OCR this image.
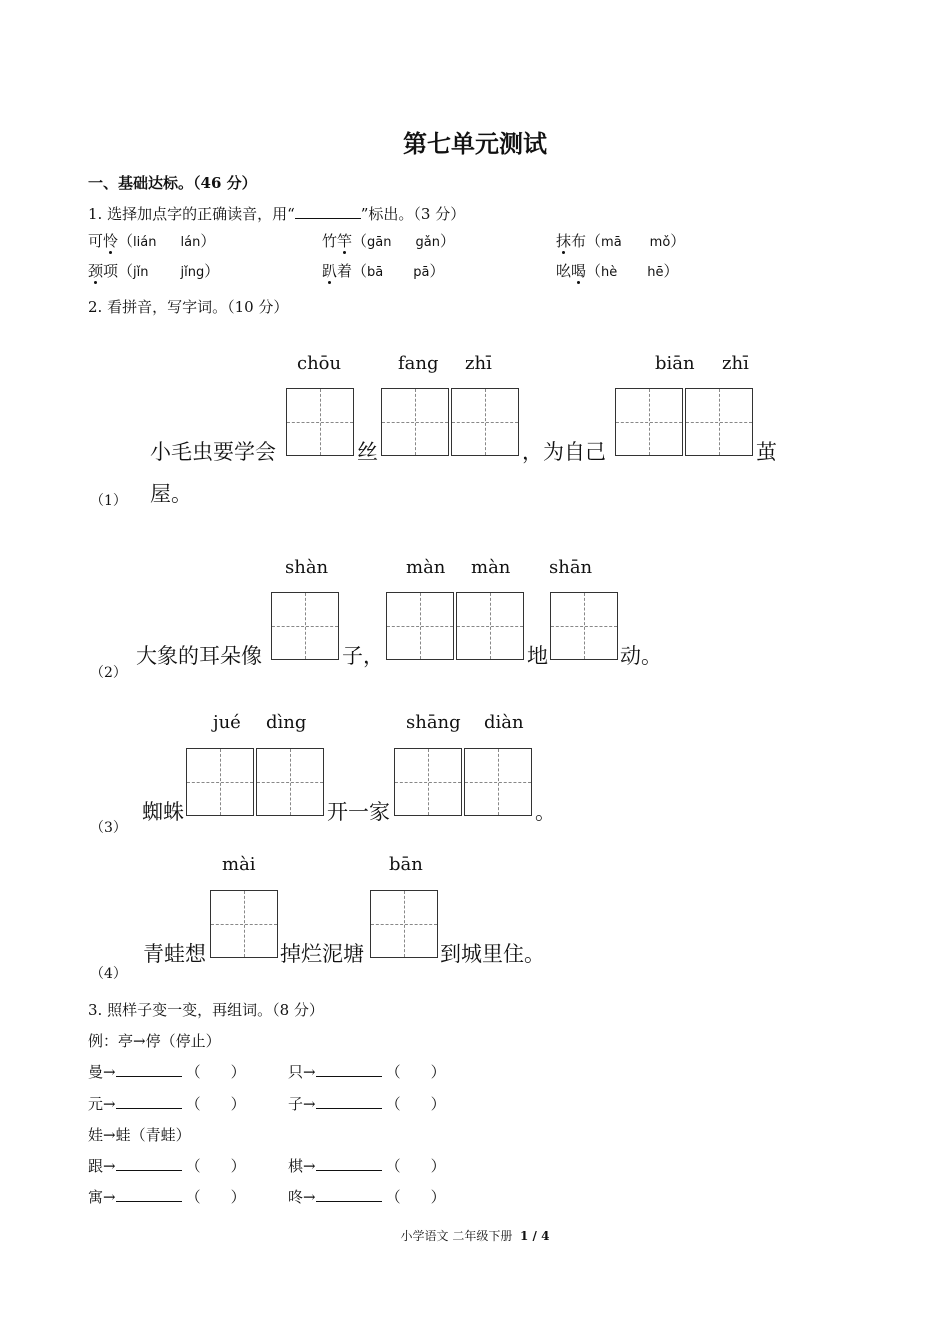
第七单元测试
一、基础达标。（46 分）
1. 选择加点字的正确读音，用“	”标出。（3 分）
可怜（lián lán）	竹竿（gān gǎn）	抹布（mā mǒ）
颈项（jǐn jǐng）	趴着（bā pā）	吆喝（hè hē）
2. 看拼音，写字词。（10 分）
chōu	fang zhī	biān zhī
小毛虫要学会	丝	，为自己	茧
屋。
（1）
shàn	màn màn shān
大象的耳朵像	子，	地	动。
（2）
jué dìng	shāng diàn
蜘蛛	开一家	。
（3）
mài	bān
青蛙想	掉烂泥塘	到城里住。
（4）
3. 照样子变一变，再组词。（8 分）
例：亭→停（停止）
曼→	（　　）	只→	（　　）
元→	（　　）	子→	（　　）
娃→蛙（青蛙）
跟→	（　　）	棋→	（　　）
寓→	（　　）	咚→	（　　）
小学语文 二年级下册 1 / 4
